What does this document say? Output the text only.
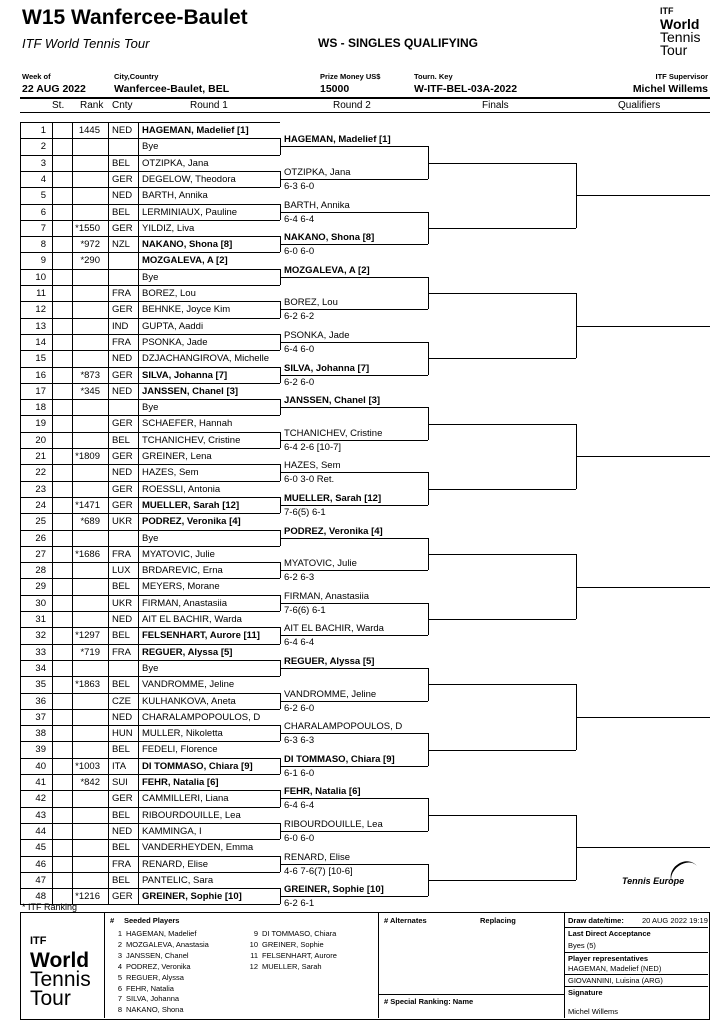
W15 Wanfercee-Baulet
ITF World Tennis Tour	WS - SINGLES QUALIFYING
ITF
World
Tennis
Tour
Week of
22 AUG 2022
City,Country
Wanfercee-Baulet, BEL
Prize Money US$
15000
Tourn. Key
W-ITF-BEL-03A-2022
ITF Supervisor
Michel Willems
St. Rank Cnty	Round 1	Round 2	Finals	Qualifiers
1	1445 NED	HAGEMAN, Madelief [1]
2	Bye
3	BEL	OTZIPKA, Jana
4	GER DEGELOW, Theodora
5	NED	BARTH, Annika
6	BEL	LERMINIAUX, Pauline
7	*1550 GER YILDIZ, Liva
8	*972 NZL	NAKANO, Shona [8]
9	*290	MOZGALEVA, A [2]
10	Bye
11	FRA	BOREZ, Lou
12	GER BEHNKE, Joyce Kim
13	IND	GUPTA, Aaddi
14	FRA	PSONKA, Jade
15	NED	DZJACHANGIROVA, Michelle
16	*873 GER SILVA, Johanna [7]
17	*345 NED	JANSSEN, Chanel [3]
18	Bye
19	GER SCHAEFER, Hannah
20	BEL	TCHANICHEV, Cristine
21	*1809 GER GREINER, Lena
22	NED	HAZES, Sem
23	GER ROESSLI, Antonia
24	*1471 GER MUELLER, Sarah [12]
25	*689 UKR	PODREZ, Veronika [4]
26	Bye
27	*1686 FRA	MYATOVIC, Julie
28	LUX	BRDAREVIC, Erna
29	BEL	MEYERS, Morane
30	UKR	FIRMAN, Anastasiia
31	NED	AIT EL BACHIR, Warda
32	*1297 BEL	FELSENHART, Aurore [11]
33	*719 FRA	REGUER, Alyssa [5]
34	Bye
35	*1863 BEL	VANDROMME, Jeline
36	CZE	KULHANKOVA, Aneta
37	NED	CHARALAMPOPOULOS, D
38	HUN MULLER, Nikoletta
39	BEL	FEDELI, Florence
40	*1003 ITA	DI TOMMASO, Chiara [9]
41	*842 SUI	FEHR, Natalia [6]
42	GER CAMMILLERI, Liana
43	BEL	RIBOURDOUILLE, Lea
44	NED	KAMMINGA, I
45	BEL	VANDERHEYDEN, Emma
46	FRA	RENARD, Elise
47	BEL	PANTELIC, Sara
48	*1216 GER GREINER, Sophie [10]
HAGEMAN, Madelief [1]
OTZIPKA, Jana
6-3 6-0
BARTH, Annika
6-4 6-4
NAKANO, Shona [8]
6-0 6-0
MOZGALEVA, A [2]
BOREZ, Lou
6-2 6-2
PSONKA, Jade
6-4 6-0
SILVA, Johanna [7]
6-2 6-0
JANSSEN, Chanel [3]
TCHANICHEV, Cristine
6-4 2-6 [10-7]
HAZES, Sem
6-0 3-0 Ret.
MUELLER, Sarah [12]
7-6(5) 6-1
PODREZ, Veronika [4]
MYATOVIC, Julie
6-2 6-3
FIRMAN, Anastasiia
7-6(6) 6-1
AIT EL BACHIR, Warda
6-4 6-4
REGUER, Alyssa [5]
VANDROMME, Jeline
6-2 6-0
CHARALAMPOPOULOS, D
6-3 6-3
DI TOMMASO, Chiara [9]
6-1 6-0
FEHR, Natalia [6]
6-4 6-4
RIBOURDOUILLE, Lea
6-0 6-0
RENARD, Elise
4-6 7-6(7) [10-6]
GREINER, Sophie [10]
6-2 6-1
* ITF Ranking
ITF
World
Tennis
Tour
# Seeded Players
1 HAGEMAN, Madelief
2 MOZGALEVA, Anastasia
3 JANSSEN, Chanel
4 PODREZ, Veronika
5 REGUER, Alyssa
6 FEHR, Natalia
7 SILVA, Johanna
8 NAKANO, Shona
9 DI TOMMASO, Chiara
10 GREINER, Sophie
11 FELSENHART, Aurore
12 MUELLER, Sarah
# Alternates	Replacing
# Special Ranking: Name
Draw date/time: 20 AUG 2022 19:19
Last Direct Acceptance
Byes (5)
Player representatives
HAGEMAN, Madelief (NED)
GIOVANNINI, Luisina (ARG)
Signature
Michel Willems
Tennis Europe
